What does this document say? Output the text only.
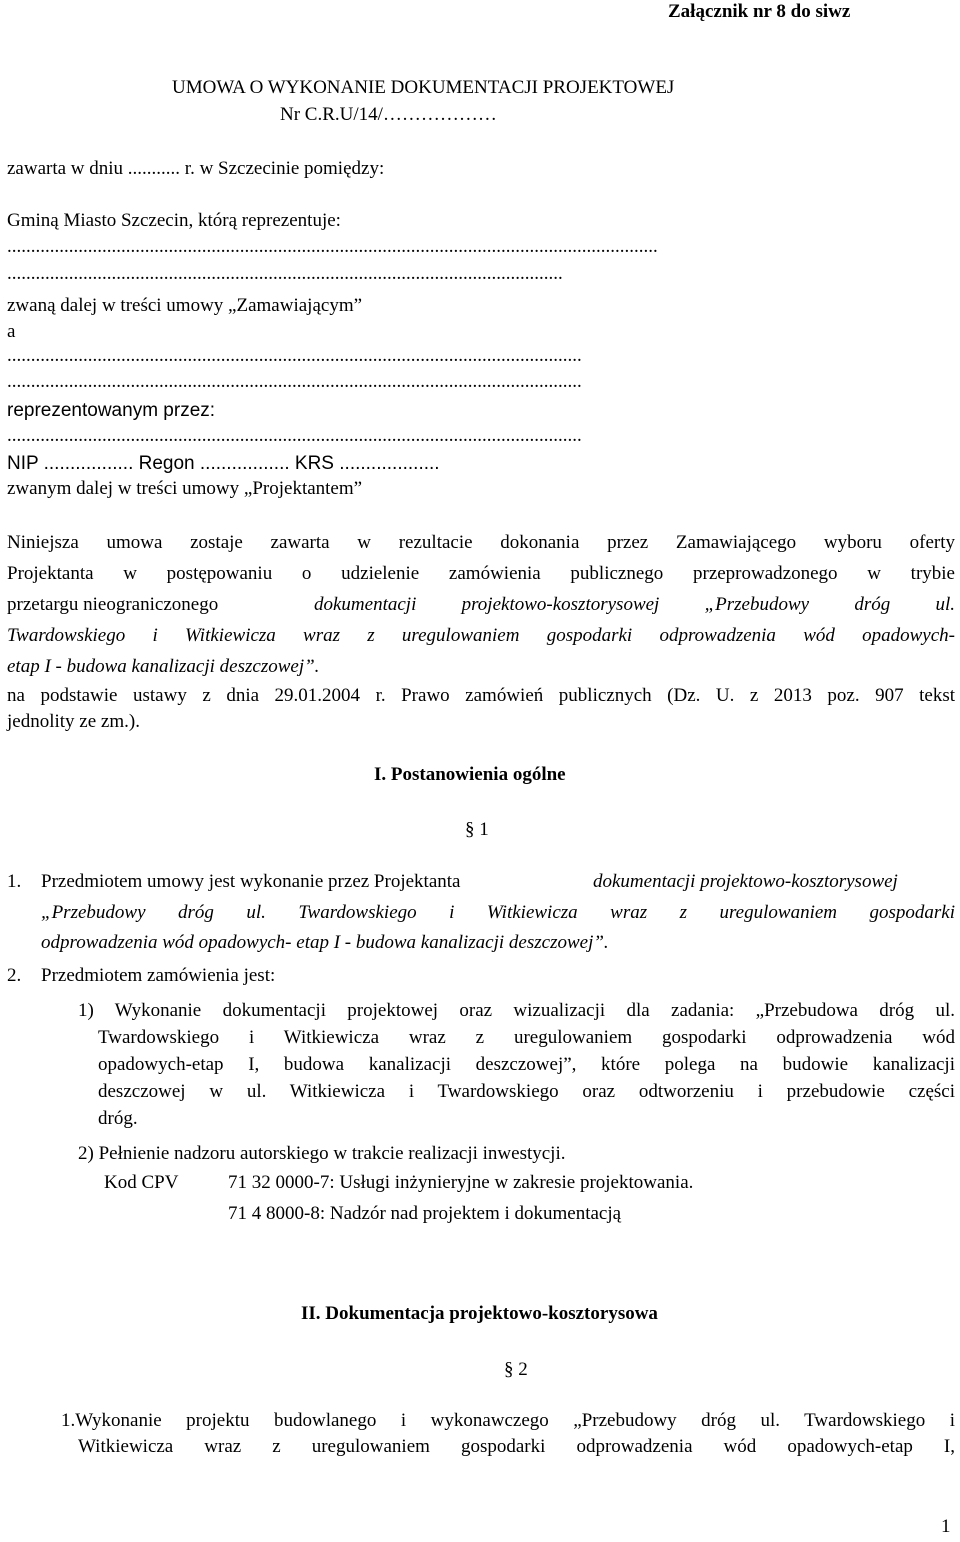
Załącznik nr 8 do siwz

UMOWA O WYKONANIE DOKUMENTACJI PROJEKTOWEJ

Nr C.R.U/14/………………

zawarta w dniu ........... r. w Szczecinie pomiędzy:

Gminą Miasto Szczecin, którą reprezentuje:

.........................................................................................................................................

.....................................................................................................................

zwaną dalej w treści umowy „Zamawiającym”

a

.........................................................................................................................

.........................................................................................................................

reprezentowanym przez:

.........................................................................................................................

NIP ................. Regon ................. KRS ...................

zwanym dalej w treści umowy „Projektantem”

Niniejsza umowa zostaje zawarta w rezultacie dokonania przez Zamawiającego wyboru oferty

Projektanta w postępowaniu o udzielenie zamówienia publicznego przeprowadzonego w trybie

przetargu nieograniczonego	dokumentacji projektowo-kosztorysowej „Przebudowy dróg ul.

Twardowskiego i Witkiewicza wraz z uregulowaniem gospodarki odprowadzenia wód opadowych-

etap I - budowa kanalizacji deszczowej”.

na podstawie ustawy z dnia 29.01.2004 r. Prawo zamówień publicznych (Dz. U. z 2013 poz. 907 tekst

jednolity ze zm.).

I. Postanowienia ogólne

§ 1

1. Przedmiotem umowy jest wykonanie przez Projektanta	dokumentacji projektowo-kosztorysowej

„Przebudowy dróg ul. Twardowskiego i Witkiewicza wraz z uregulowaniem gospodarki

odprowadzenia wód opadowych- etap I - budowa kanalizacji deszczowej”.

2. Przedmiotem zamówienia jest:

1) Wykonanie dokumentacji projektowej oraz wizualizacji dla zadania: „Przebudowa dróg ul.

Twardowskiego i Witkiewicza wraz z uregulowaniem gospodarki odprowadzenia wód

opadowych-etap I, budowa kanalizacji deszczowej”, które polega na budowie kanalizacji

deszczowej w ul. Witkiewicza i Twardowskiego oraz odtworzeniu i przebudowie części

dróg.

2) Pełnienie nadzoru autorskiego w trakcie realizacji inwestycji.

Kod CPV	71 32 0000-7: Usługi inżynieryjne w zakresie projektowania.

71 4 8000-8: Nadzór nad projektem i dokumentacją

II. Dokumentacja projektowo-kosztorysowa

§ 2

1.Wykonanie projektu budowlanego i wykonawczego „Przebudowy dróg ul. Twardowskiego i

Witkiewicza wraz z uregulowaniem gospodarki odprowadzenia wód opadowych-etap I,

1
